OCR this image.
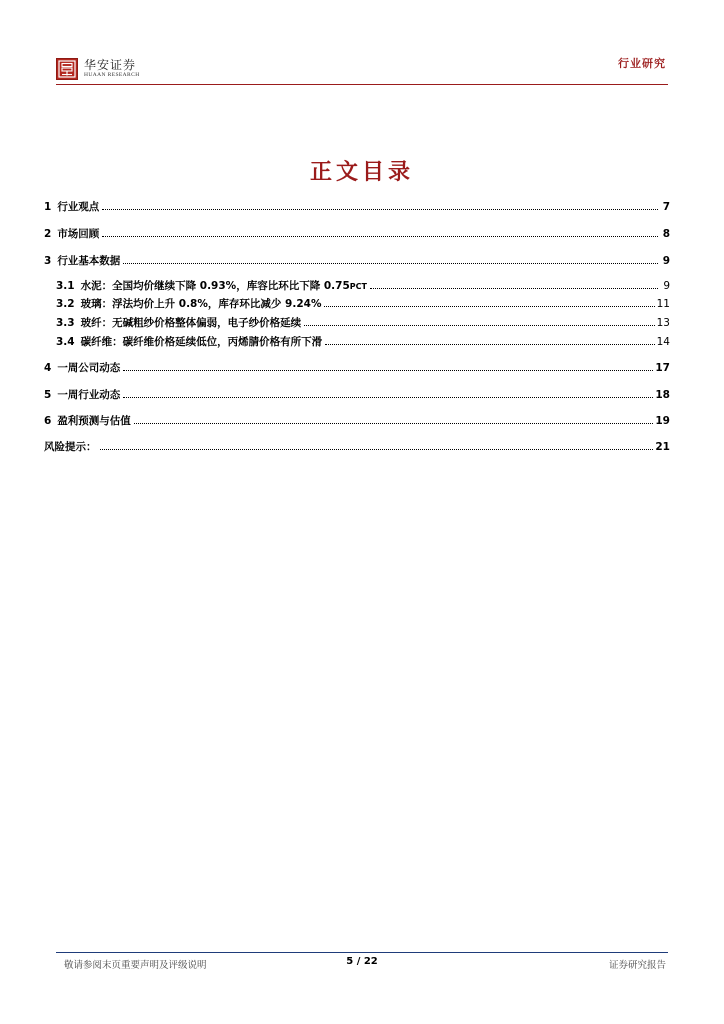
华安证券
HUAAN RESEARCH
行业研究
正文目录
1 行业观点	7
2 市场回顾	8
3 行业基本数据	9
3.1 水泥：全国均价继续下降 0.93%，库容比环比下降 0.75 PCT	9
3.2 玻璃：浮法均价上升 0.8%，库存环比减少 9.24%	11
3.3 玻纤：无碱粗纱价格整体偏弱，电子纱价格延续	13
3.4 碳纤维：碳纤维价格延续低位，丙烯腈价格有所下滑	14
4 一周公司动态	17
5 一周行业动态	18
6 盈利预测与估值	19
风险提示：	21
敬请参阅末页重要声明及评级说明	5 / 22	证券研究报告
